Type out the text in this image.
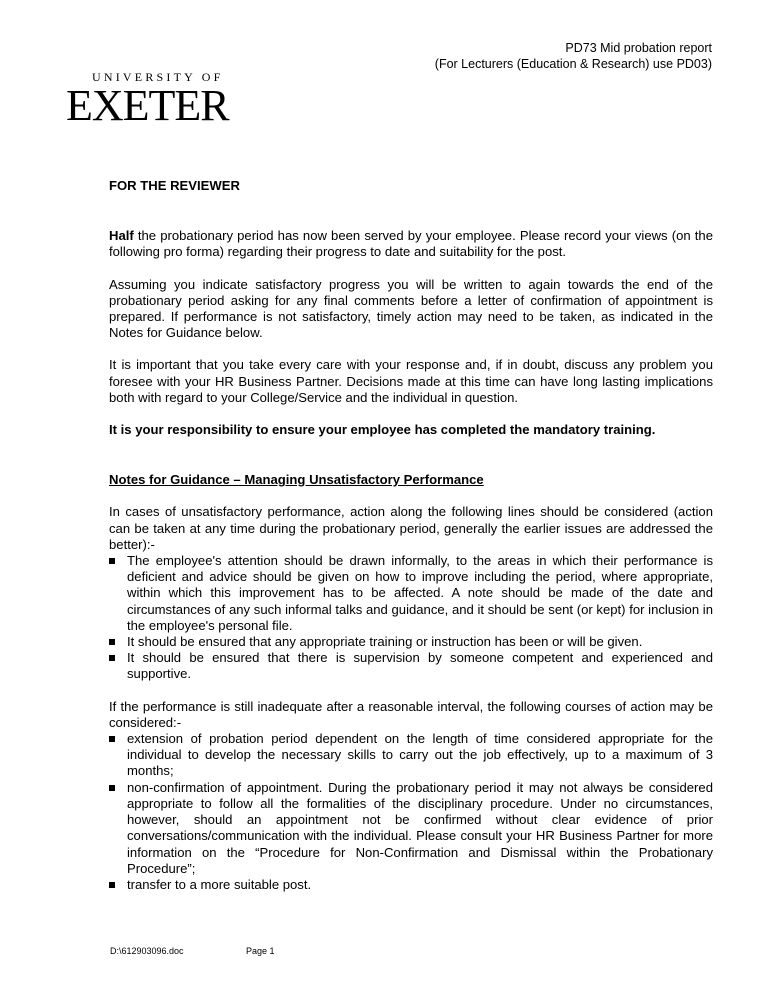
PD73 Mid probation report
(For Lecturers (Education & Research) use PD03)
UNIVERSITY OF
EXETER

FOR THE REVIEWER

Half the probationary period has now been served by your employee. Please record your views (on the following pro forma) regarding their progress to date and suitability for the post.

Assuming you indicate satisfactory progress you will be written to again towards the end of the probationary period asking for any final comments before a letter of confirmation of appointment is prepared. If performance is not satisfactory, timely action may need to be taken, as indicated in the Notes for Guidance below.

It is important that you take every care with your response and, if in doubt, discuss any problem you foresee with your HR Business Partner. Decisions made at this time can have long lasting implications both with regard to your College/Service and the individual in question.

It is your responsibility to ensure your employee has completed the mandatory training.

Notes for Guidance – Managing Unsatisfactory Performance

In cases of unsatisfactory performance, action along the following lines should be considered (action can be taken at any time during the probationary period, generally the earlier issues are addressed the better):-

The employee's attention should be drawn informally, to the areas in which their performance is deficient and advice should be given on how to improve including the period, where appropriate, within which this improvement has to be affected. A note should be made of the date and circumstances of any such informal talks and guidance, and it should be sent (or kept) for inclusion in the employee's personal file.
It should be ensured that any appropriate training or instruction has been or will be given.
It should be ensured that there is supervision by someone competent and experienced and supportive.

If the performance is still inadequate after a reasonable interval, the following courses of action may be considered:-

extension of probation period dependent on the length of time considered appropriate for the individual to develop the necessary skills to carry out the job effectively, up to a maximum of 3 months;
non-confirmation of appointment. During the probationary period it may not always be considered appropriate to follow all the formalities of the disciplinary procedure. Under no circumstances, however, should an appointment not be confirmed without clear evidence of prior conversations/communication with the individual. Please consult your HR Business Partner for more information on the “Procedure for Non-Confirmation and Dismissal within the Probationary Procedure”;
transfer to a more suitable post.
D:\612903096.doc	Page 1
